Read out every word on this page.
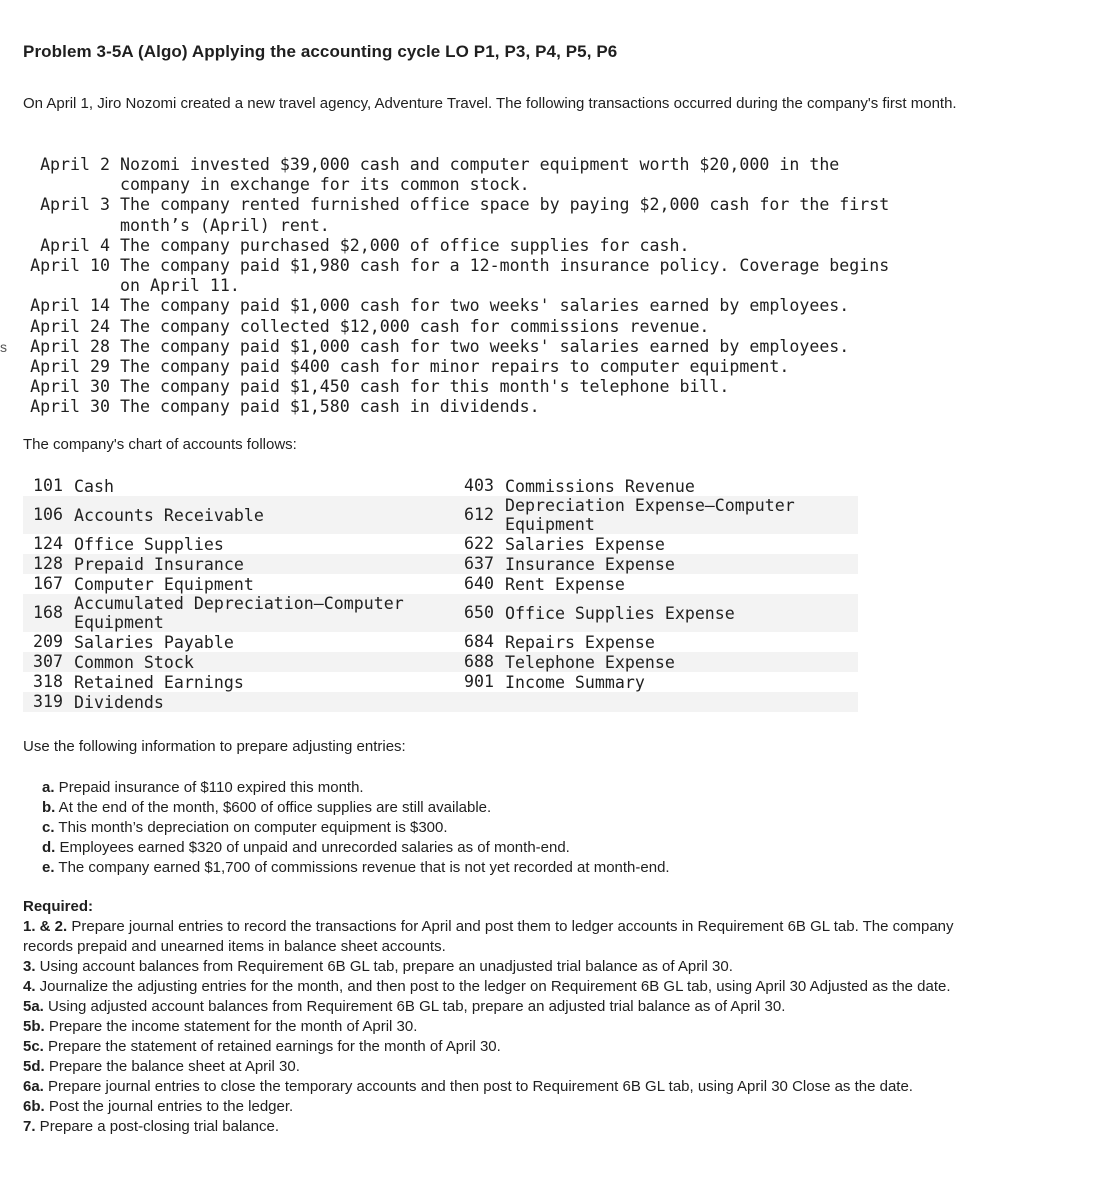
Problem 3-5A (Algo) Applying the accounting cycle LO P1, P3, P4, P5, P6
On April 1, Jiro Nozomi created a new travel agency, Adventure Travel. The following transactions occurred during the company's first month.
s
April 2 Nozomi invested $39,000 cash and computer equipment worth $20,000 in the
company in exchange for its common stock.
April 3 The company rented furnished office space by paying $2,000 cash for the first
month’s (April) rent.
April 4 The company purchased $2,000 of office supplies for cash.
April 10 The company paid $1,980 cash for a 12-month insurance policy. Coverage begins
on April 11.
April 14 The company paid $1,000 cash for two weeks' salaries earned by employees.
April 24 The company collected $12,000 cash for commissions revenue.
April 28 The company paid $1,000 cash for two weeks' salaries earned by employees.
April 29 The company paid $400 cash for minor repairs to computer equipment.
April 30 The company paid $1,450 cash for this month's telephone bill.
April 30 The company paid $1,580 cash in dividends.
The company's chart of accounts follows:
101 Cash	403 Commissions Revenue

106 Accounts Receivable	612 Depreciation Expense—Computer
Equipment

124 Office Supplies	622 Salaries Expense

128 Prepaid Insurance	637 Insurance Expense

167 Computer Equipment	640 Rent Expense

168 Accumulated Depreciation—Computer
Equipment	650 Office Supplies Expense

209 Salaries Payable	684 Repairs Expense

307 Common Stock	688 Telephone Expense

318 Retained Earnings	901 Income Summary

319 Dividends	

Use the following information to prepare adjusting entries:
a. Prepaid insurance of $110 expired this month.
b. At the end of the month, $600 of office supplies are still available.
c. This month’s depreciation on computer equipment is $300.
d. Employees earned $320 of unpaid and unrecorded salaries as of month-end.
e. The company earned $1,700 of commissions revenue that is not yet recorded at month-end.

Required:

1. & 2. Prepare journal entries to record the transactions for April and post them to ledger accounts in Requirement 6B GL tab. The company records prepaid and unearned items in balance sheet accounts.

3. Using account balances from Requirement 6B GL tab, prepare an unadjusted trial balance as of April 30.

4. Journalize the adjusting entries for the month, and then post to the ledger on Requirement 6B GL tab, using April 30 Adjusted as the date.

5a. Using adjusted account balances from Requirement 6B GL tab, prepare an adjusted trial balance as of April 30.

5b. Prepare the income statement for the month of April 30.

5c. Prepare the statement of retained earnings for the month of April 30.

5d. Prepare the balance sheet at April 30.

6a. Prepare journal entries to close the temporary accounts and then post to Requirement 6B GL tab, using April 30 Close as the date.

6b. Post the journal entries to the ledger.

7. Prepare a post-closing trial balance.
